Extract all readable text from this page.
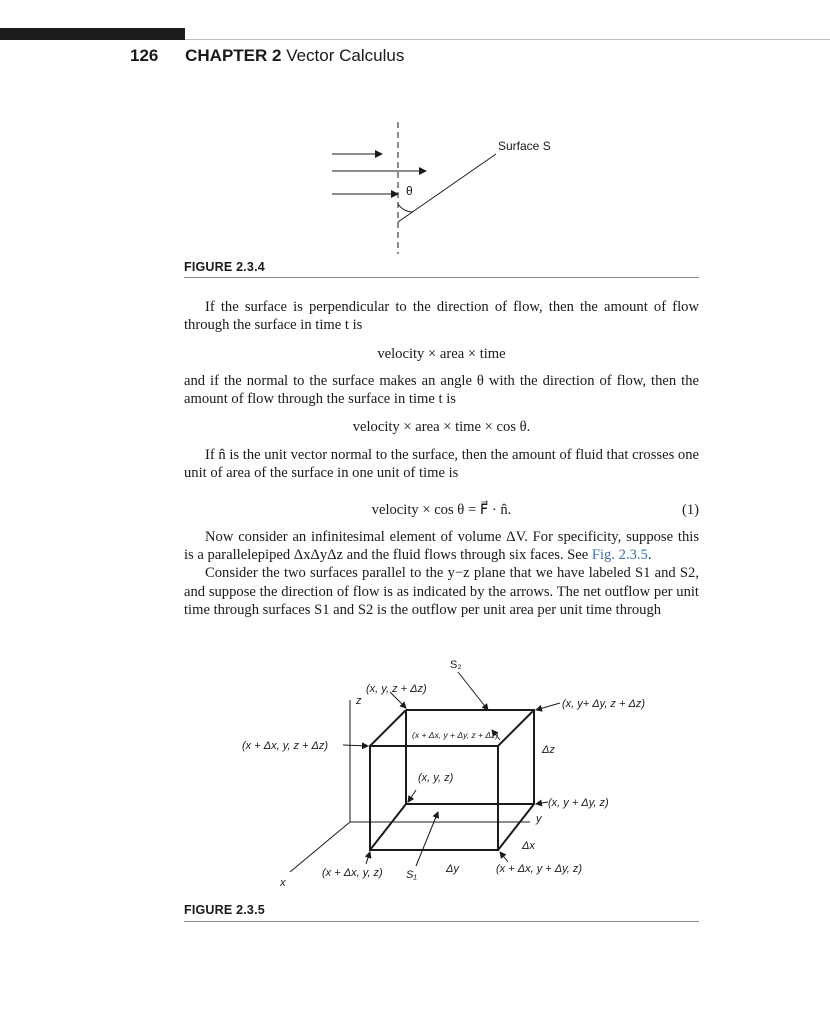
126 CHAPTER 2 Vector Calculus
θ
Surface S
FIGURE 2.3.4

If the surface is perpendicular to the direction of flow, then the amount of flow through the surface in time t is

velocity × area × time

and if the normal to the surface makes an angle θ with the direction of flow, then the amount of flow through the surface in time t is

velocity × area × time × cos θ.

If n̂ is the unit vector normal to the surface, then the amount of fluid that crosses one unit of area of the surface in one unit of time is

velocity × cos θ = F⃗ · n̂.	(1)

Now consider an infinitesimal element of volume ΔV. For specificity, suppose this is a parallelepiped ΔxΔyΔz and the fluid flows through six faces. See Fig. 2.3.5.

Consider the two surfaces parallel to the y−z plane that we have labeled S1 and S2, and suppose the direction of flow is as indicated by the arrows. The net outflow per unit time through surfaces S1 and S2 is the outflow per unit area per unit time through

S₂
(x, y, z + Δz)
z	(x, y+ Δy, z + Δz)
(x + Δx, y + Δy, z + Δz)
(x + Δx, y, z + Δz)	Δz
(x, y, z)
(x, y + Δy, z)
y
Δx
(x + Δx, y, z) S₁	Δy	(x + Δx, y + Δy, z)
x
FIGURE 2.3.5
